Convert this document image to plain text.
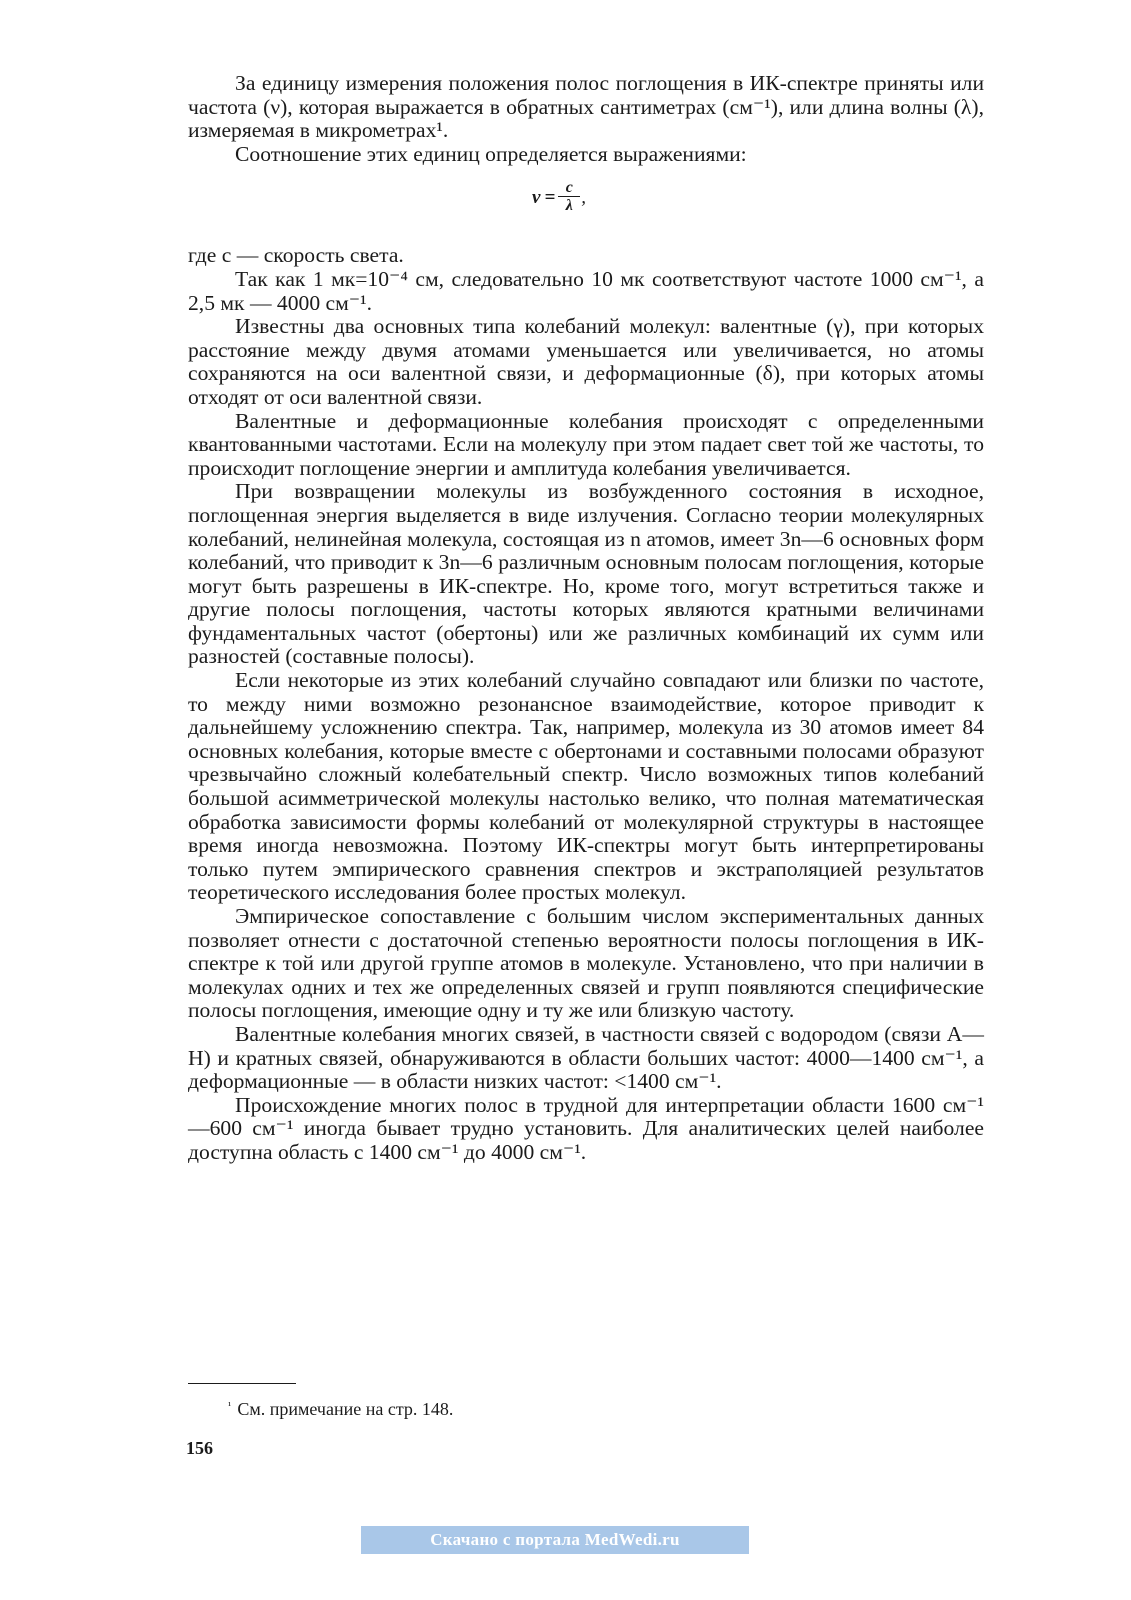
За единицу измерения положения полос поглощения в ИК-спектре приняты или частота (ν), которая выражается в обратных сантиметрах (см⁻¹), или длина волны (λ), измеряемая в микрометрах¹.

Соотношение этих единиц определяется выражениями:

$\nu = \frac{c}{\lambda}$ ,

где c — скорость света.

Так как 1 мк=10⁻⁴ см, следовательно 10 мк соответствуют частоте 1000 см⁻¹, а 2,5 мк — 4000 см⁻¹.

Известны два основных типа колебаний молекул: валентные (γ), при которых расстояние между двумя атомами уменьшается или увеличивается, но атомы сохраняются на оси валентной связи, и деформационные (δ), при которых атомы отходят от оси валентной связи.

Валентные и деформационные колебания происходят с определенными квантованными частотами. Если на молекулу при этом падает свет той же частоты, то происходит поглощение энергии и амплитуда колебания увеличивается.

При возвращении молекулы из возбужденного состояния в исходное, поглощенная энергия выделяется в виде излучения. Согласно теории молекулярных колебаний, нелинейная молекула, состоящая из n атомов, имеет 3n—6 основных форм колебаний, что приводит к 3n—6 различным основным полосам поглощения, которые могут быть разрешены в ИК-спектре. Но, кроме того, могут встретиться также и другие полосы поглощения, частоты которых являются кратными величинами фундаментальных частот (обертоны) или же различных комбинаций их сумм или разностей (составные полосы).

Если некоторые из этих колебаний случайно совпадают или близки по частоте, то между ними возможно резонансное взаимодействие, которое приводит к дальнейшему усложнению спектра. Так, например, молекула из 30 атомов имеет 84 основных колебания, которые вместе с обертонами и составными полосами образуют чрезвычайно сложный колебательный спектр. Число возможных типов колебаний большой асимметрической молекулы настолько велико, что полная математическая обработка зависимости формы колебаний от молекулярной структуры в настоящее время иногда невозможна. Поэтому ИК-спектры могут быть интерпретированы только путем эмпирического сравнения спектров и экстраполяцией результатов теоретического исследования более простых молекул.

Эмпирическое сопоставление с большим числом экспериментальных данных позволяет отнести с достаточной степенью вероятности полосы поглощения в ИК-спектре к той или другой группе атомов в молекуле. Установлено, что при наличии в молекулах одних и тех же определенных связей и групп появляются специфические полосы поглощения, имеющие одну и ту же или близкую частоту.

Валентные колебания многих связей, в частности связей с водородом (связи A—H) и кратных связей, обнаруживаются в области больших частот: 4000—1400 см⁻¹, а деформационные — в области низких частот: <1400 см⁻¹.

Происхождение многих полос в трудной для интерпретации области 1600 см⁻¹—600 см⁻¹ иногда бывает трудно установить. Для аналитических целей наиболее доступна область с 1400 см⁻¹ до 4000 см⁻¹.

$^{^1}$ См. примечание на стр. 148.

156

Скачано с портала MedWedi.ru
